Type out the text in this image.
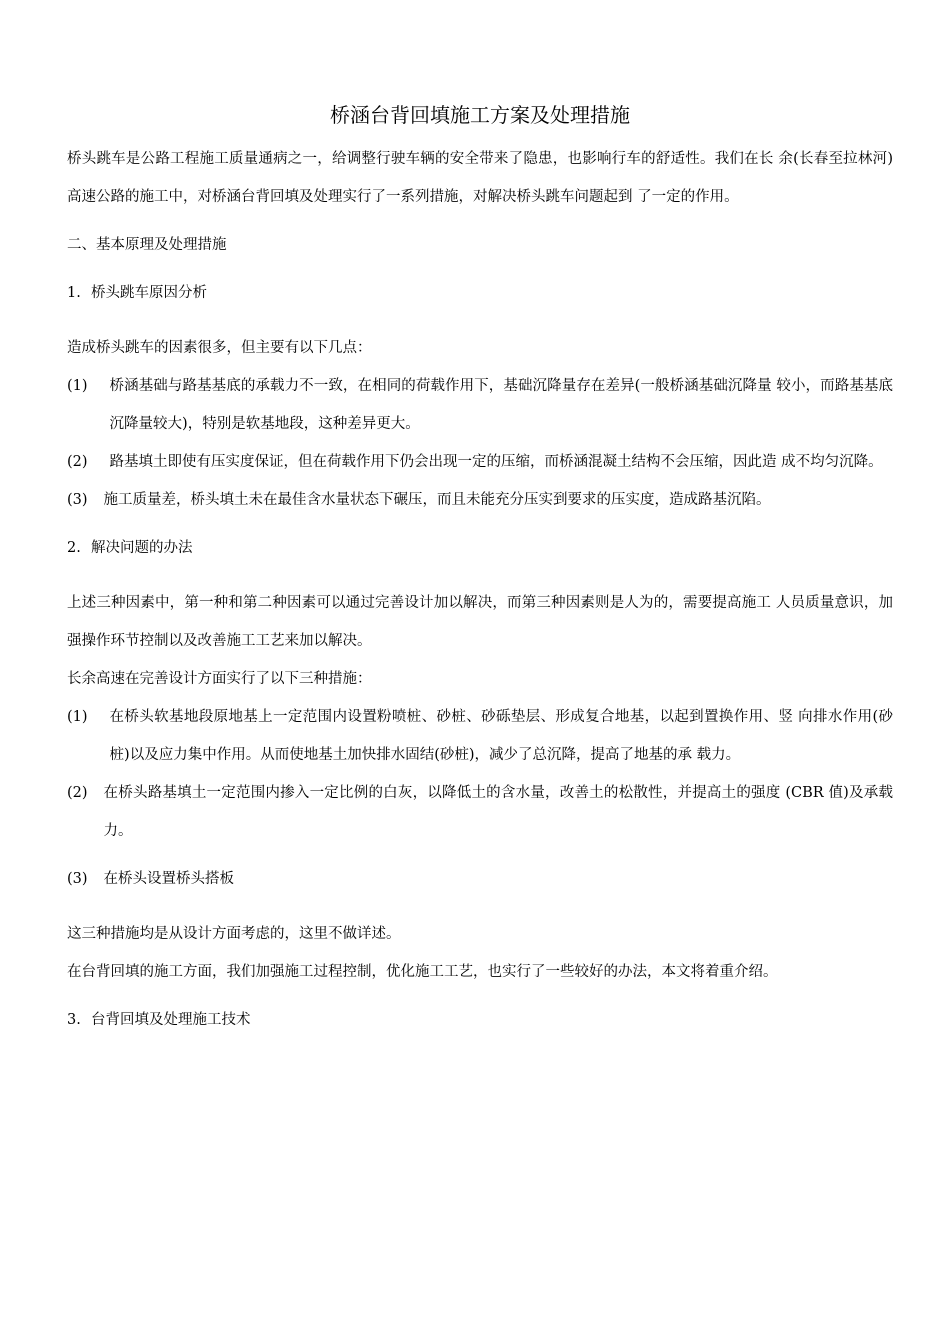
桥涵台背回填施工方案及处理措施

桥头跳车是公路工程施工质量通病之一，给调整行驶车辆的安全带来了隐患，也影响行车的舒适性。我们在长 余(长春至拉林河)高速公路的施工中，对桥涵台背回填及处理实行了一系列措施，对解决桥头跳车问题起到 了一定的作用。

二、基本原理及处理措施

1. 桥头跳车原因分析

造成桥头跳车的因素很多，但主要有以下几点：

(1)	桥涵基础与路基基底的承载力不一致，在相同的荷载作用下，基础沉降量存在差异(一般桥涵基础沉降量 较小，而路基基底沉降量较大)，特别是软基地段，这种差异更大。
(2)	路基填土即使有压实度保证，但在荷载作用下仍会出现一定的压缩，而桥涵混凝土结构不会压缩，因此造 成不均匀沉降。
(3)	施工质量差，桥头填土未在最佳含水量状态下碾压，而且未能充分压实到要求的压实度，造成路基沉陷。

2. 解决问题的办法

上述三种因素中，第一种和第二种因素可以通过完善设计加以解决，而第三种因素则是人为的，需要提高施工 人员质量意识，加强操作环节控制以及改善施工工艺来加以解决。

长余高速在完善设计方面实行了以下三种措施：

(1)	在桥头软基地段原地基上一定范围内设置粉喷桩、砂桩、砂砾垫层、形成复合地基，以起到置换作用、竖 向排水作用(砂桩)以及应力集中作用。从而使地基土加快排水固结(砂桩)，减少了总沉降，提高了地基的承 载力。
(2)	在桥头路基填土一定范围内掺入一定比例的白灰，以降低土的含水量，改善土的松散性，并提高土的强度 (CBR 值)及承载力。
(3)	在桥头设置桥头搭板

这三种措施均是从设计方面考虑的，这里不做详述。

在台背回填的施工方面，我们加强施工过程控制，优化施工工艺，也实行了一些较好的办法，本文将着重介绍。

3. 台背回填及处理施工技术
